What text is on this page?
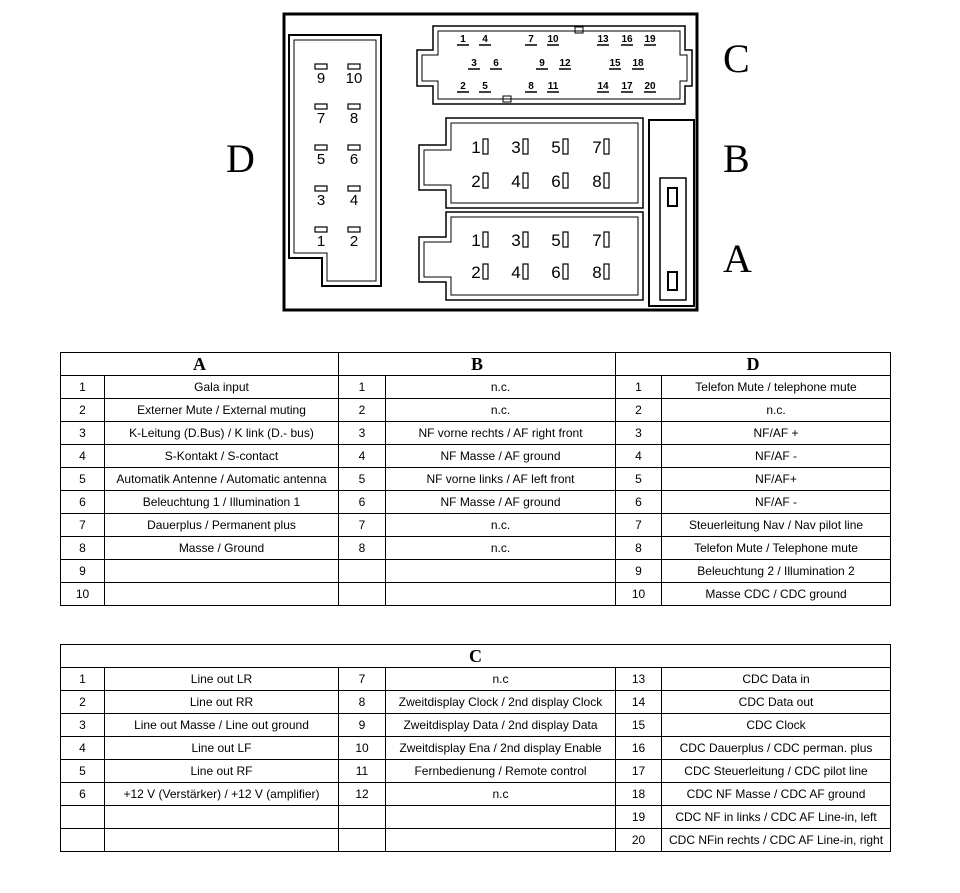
C
D	B
A
9 10
7 8
5 6
3 4
1 2
1 4	7 10	13 16 19
3 6	9 12	15 18
2 5	8 11	14 17 20
1 3 5 7
2 4 6 8
1 3 5 7
2 4 6 8
A		B		D	
1	Gala input	1	n.c.	1	Telefon Mute / telephone mute
2	Externer Mute / External muting	2	n.c.	2	n.c.
3	K-Leitung (D.Bus) / K link (D.- bus)	3	NF vorne rechts / AF right front	3	NF/AF +
4	S-Kontakt / S-contact	4	NF Masse / AF ground	4	NF/AF -
5	Automatik Antenne / Automatic antenna	5	NF vorne links / AF left front	5	NF/AF+
6	Beleuchtung 1 / Illumination 1	6	NF Masse / AF ground	6	NF/AF -
7	Dauerplus / Permanent plus	7	n.c.	7	Steuerleitung Nav / Nav pilot line
8	Masse / Ground	8	n.c.	8	Telefon Mute / Telephone mute
9				9	Beleuchtung 2 / Illumination 2
10				10	Masse CDC / CDC ground
C					
1	Line out LR	7	n.c	13	CDC Data in
2	Line out RR	8	Zweitdisplay Clock / 2nd display Clock	14	CDC Data out
3	Line out Masse / Line out ground	9	Zweitdisplay Data / 2nd display Data	15	CDC Clock
4	Line out LF	10	Zweitdisplay Ena / 2nd display Enable	16	CDC Dauerplus / CDC perman. plus
5	Line out RF	11	Fernbedienung / Remote control	17	CDC Steuerleitung / CDC pilot line
6	+12 V (Verstärker) / +12 V (amplifier)	12	n.c	18	CDC NF Masse / CDC AF ground
				19	CDC NF in links / CDC AF Line-in, left
				20	CDC NFin rechts / CDC AF Line-in, right
